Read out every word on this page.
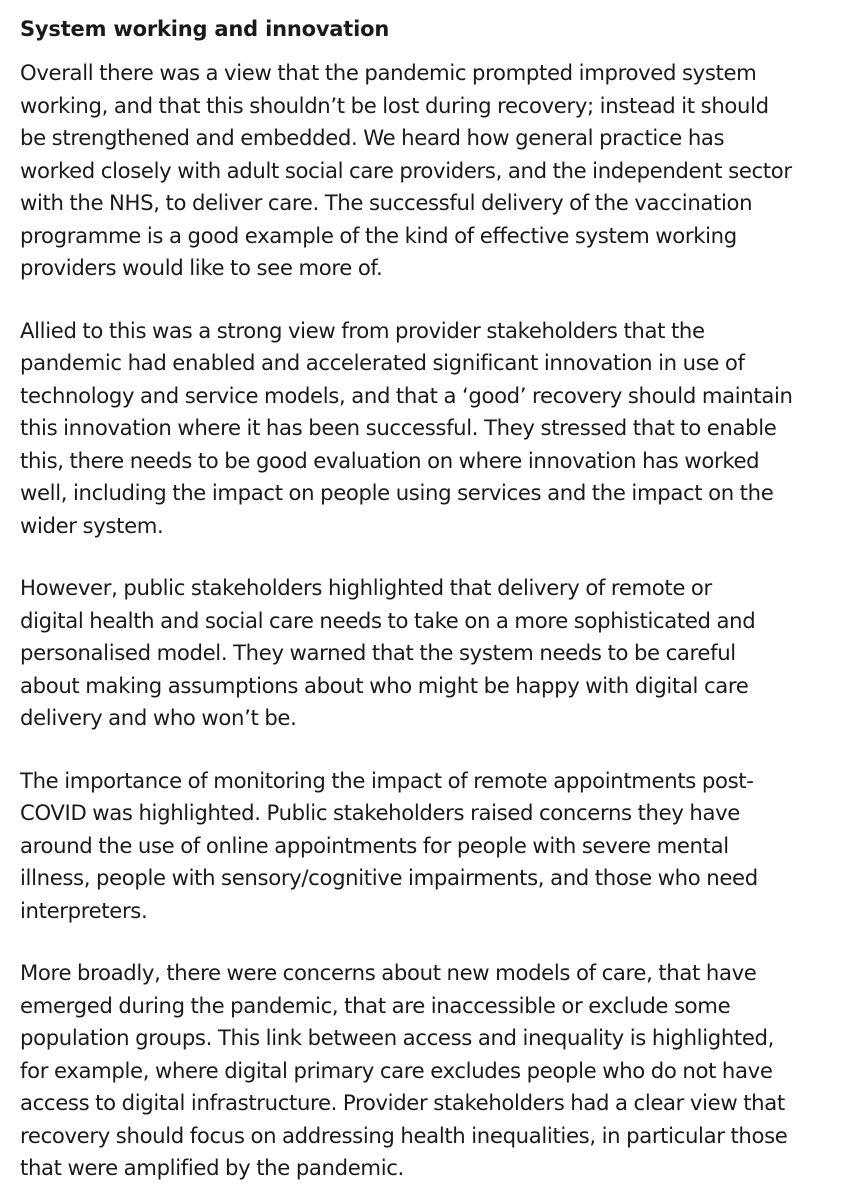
System working and innovation

Overall there was a view that the pandemic prompted improved system
working, and that this shouldn’t be lost during recovery; instead it should
be strengthened and embedded. We heard how general practice has
worked closely with adult social care providers, and the independent sector
with the NHS, to deliver care. The successful delivery of the vaccination
programme is a good example of the kind of effective system working
providers would like to see more of.

Allied to this was a strong view from provider stakeholders that the
pandemic had enabled and accelerated significant innovation in use of
technology and service models, and that a ‘good’ recovery should maintain
this innovation where it has been successful. They stressed that to enable
this, there needs to be good evaluation on where innovation has worked
well, including the impact on people using services and the impact on the
wider system.

However, public stakeholders highlighted that delivery of remote or
digital health and social care needs to take on a more sophisticated and
personalised model. They warned that the system needs to be careful
about making assumptions about who might be happy with digital care
delivery and who won’t be.

The importance of monitoring the impact of remote appointments post-
COVID was highlighted. Public stakeholders raised concerns they have
around the use of online appointments for people with severe mental
illness, people with sensory/cognitive impairments, and those who need
interpreters.

More broadly, there were concerns about new models of care, that have
emerged during the pandemic, that are inaccessible or exclude some
population groups. This link between access and inequality is highlighted,
for example, where digital primary care excludes people who do not have
access to digital infrastructure. Provider stakeholders had a clear view that
recovery should focus on addressing health inequalities, in particular those
that were amplified by the pandemic.
